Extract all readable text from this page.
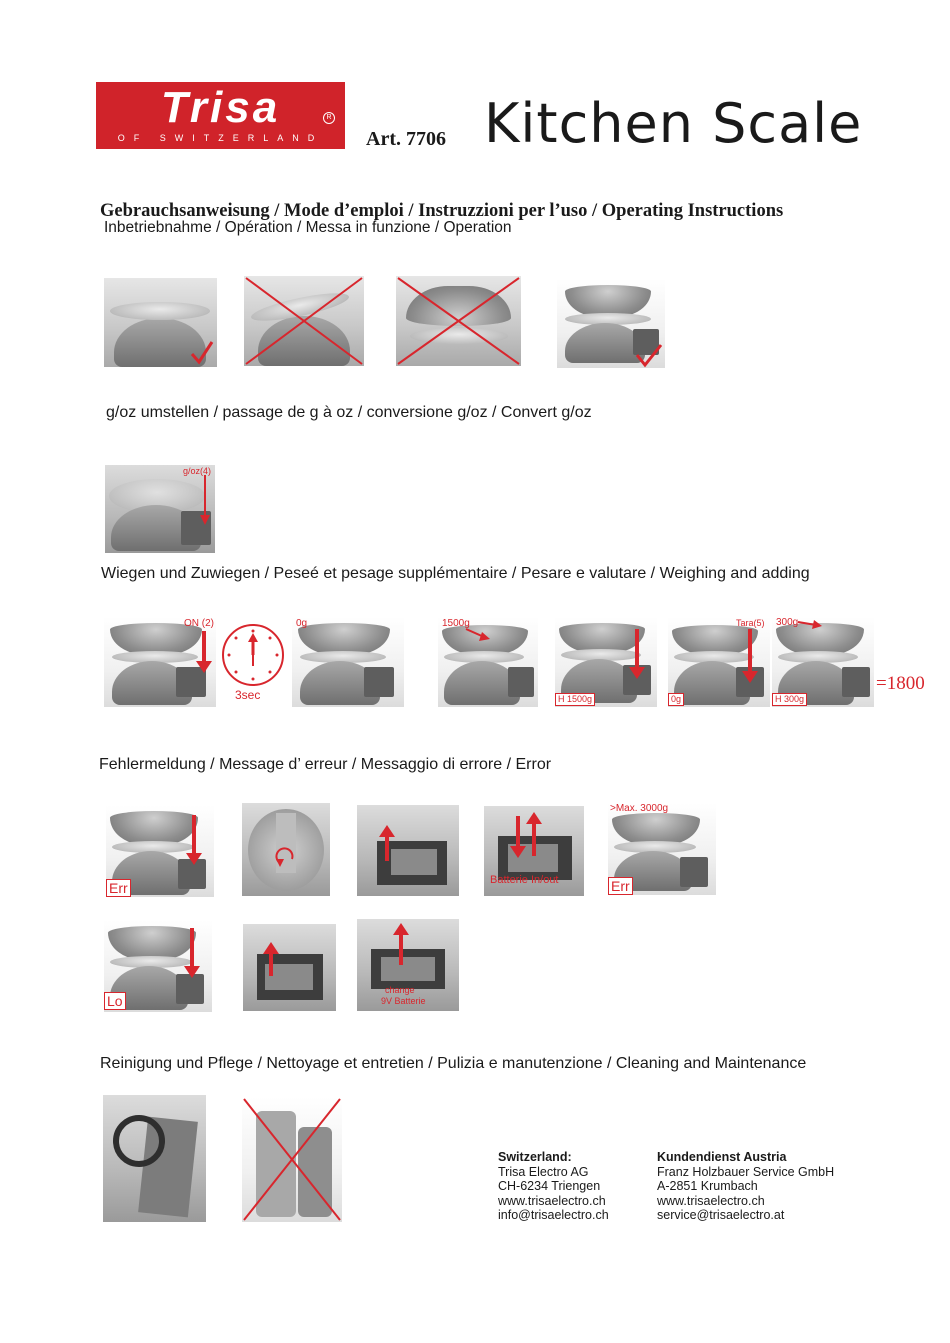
Trisa	R
OF SWITZERLAND	Art. 7706 Kitchen Scale
Gebrauchsanweisung / Mode d’emploi / Instruzzioni per l’uso / Operating Instructions
Inbetriebnahme / Opération / Messa in funzione / Operation
g/oz umstellen / passage de g à oz / conversione g/oz / Convert g/oz
g/oz(4)
Wiegen und Zuwiegen / Peseé et pesage supplémentaire / Pesare e valutare / Weighing and adding
ON (2)
3sec
0g	1500g
H 1500g
Tara(5)
0g
300g
H 300g
=1800
Fehlermeldung / Message d’ erreur / Messaggio di errore / Error
Err	Batterie In/out
>Max. 3000g
Err
Lo
change
9V Batterie
Reinigung und Pflege / Nettoyage et entretien / Pulizia e manutenzione / Cleaning and Maintenance
Switzerland:
Trisa Electro AG
CH-6234 Triengen
www.trisaelectro.ch
info@trisaelectro.ch
Kundendienst Austria
Franz Holzbauer Service GmbH
A-2851 Krumbach
www.trisaelectro.ch
service@trisaelectro.at
